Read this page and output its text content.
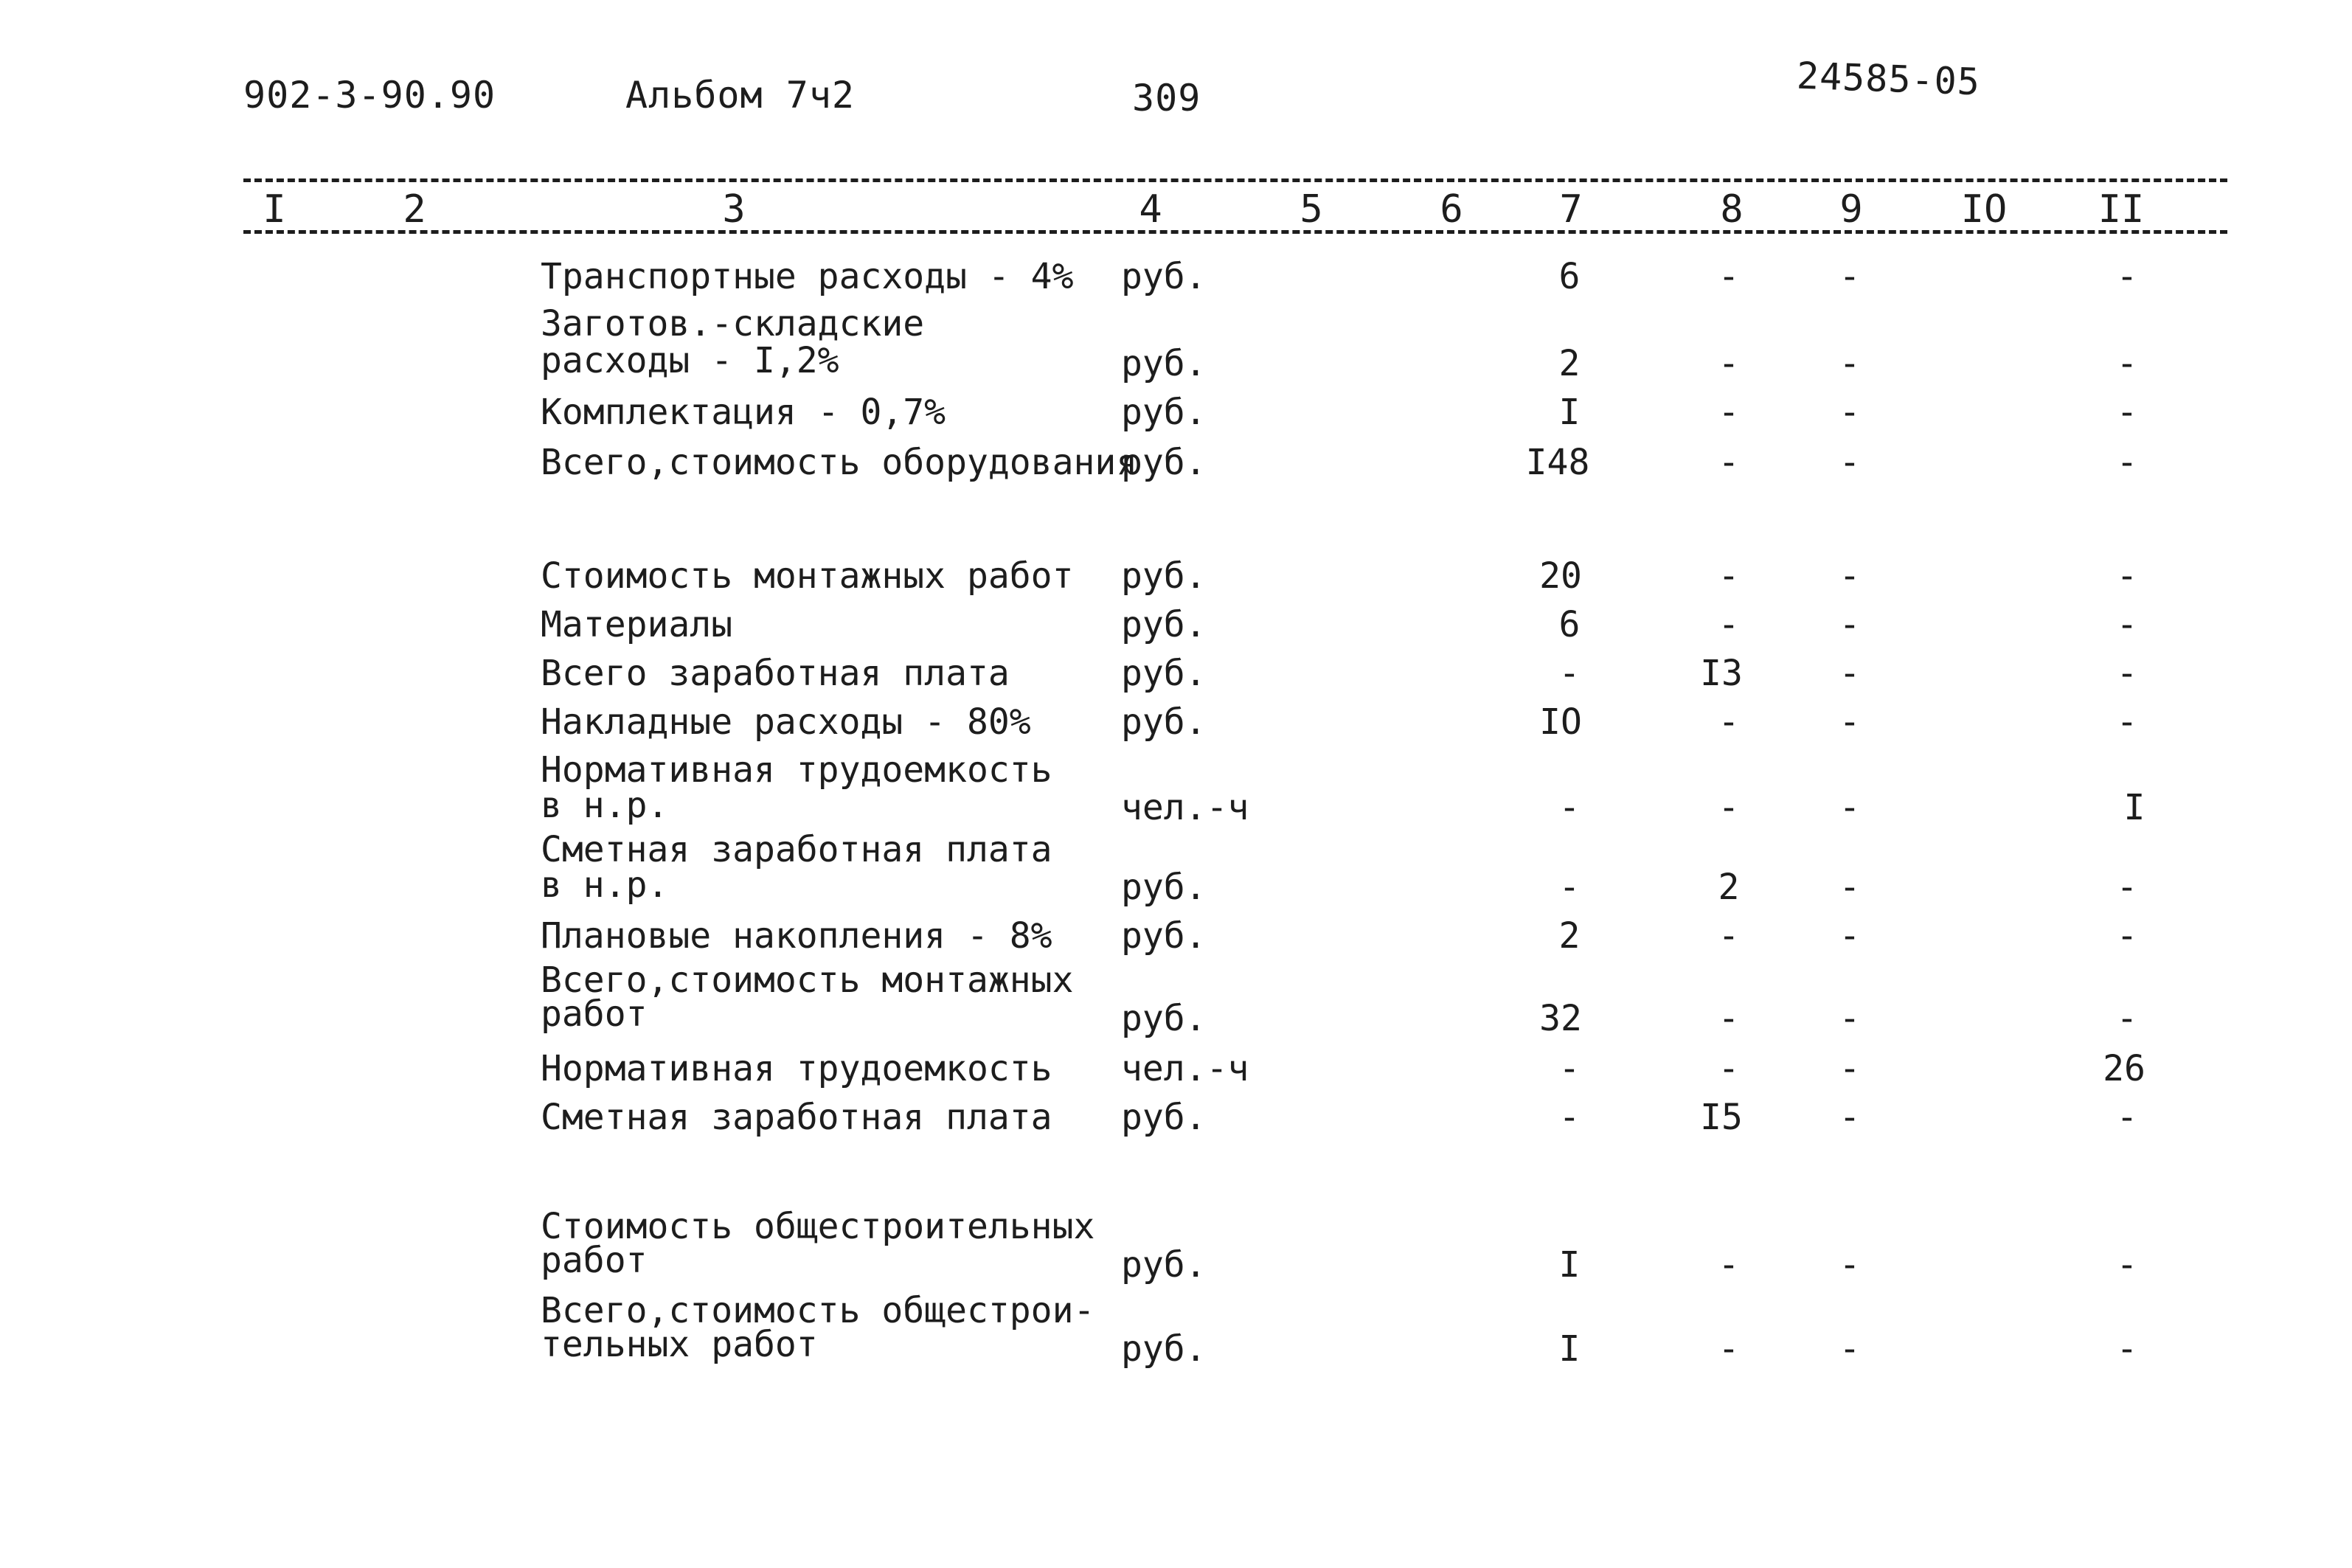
902-3-90.90	Альбом 7ч2	309	24585-05
I	2	3	4	5	6	7	8	9	IO II
Транспортные расходы - 4% руб.	6	-	-	-
Заготов.-складские
расходы - I,2%	руб.	2	-	-	-
Комплектация - 0,7%	руб.	I	-	-	-
Всего,стоимость оборудования
руб.	I48	-	-	-
Стоимость монтажных работ руб.	20	-	-	-
Материалы	руб.	6	-	-	-
Всего заработная плата	руб.	-	I3	-	-
Накладные расходы - 80%	руб.	IO	-	-	-
Нормативная трудоемкость
в н.р.	чел.-ч	-	-	-	I
Сметная заработная плата
в н.р.	руб.	-	2	-	-
Плановые накопления - 8% руб.	2	-	-	-
Всего,стоимость монтажных
работ	руб.	32	-	-	-
Нормативная трудоемкость чел.-ч	-	-	-	26
Сметная заработная плата руб.	-	I5	-	-
Стоимость общестроительных
работ	руб.	I	-	-	-
Всего,стоимость общестрои-
тельных работ	руб.	I	-	-	-
